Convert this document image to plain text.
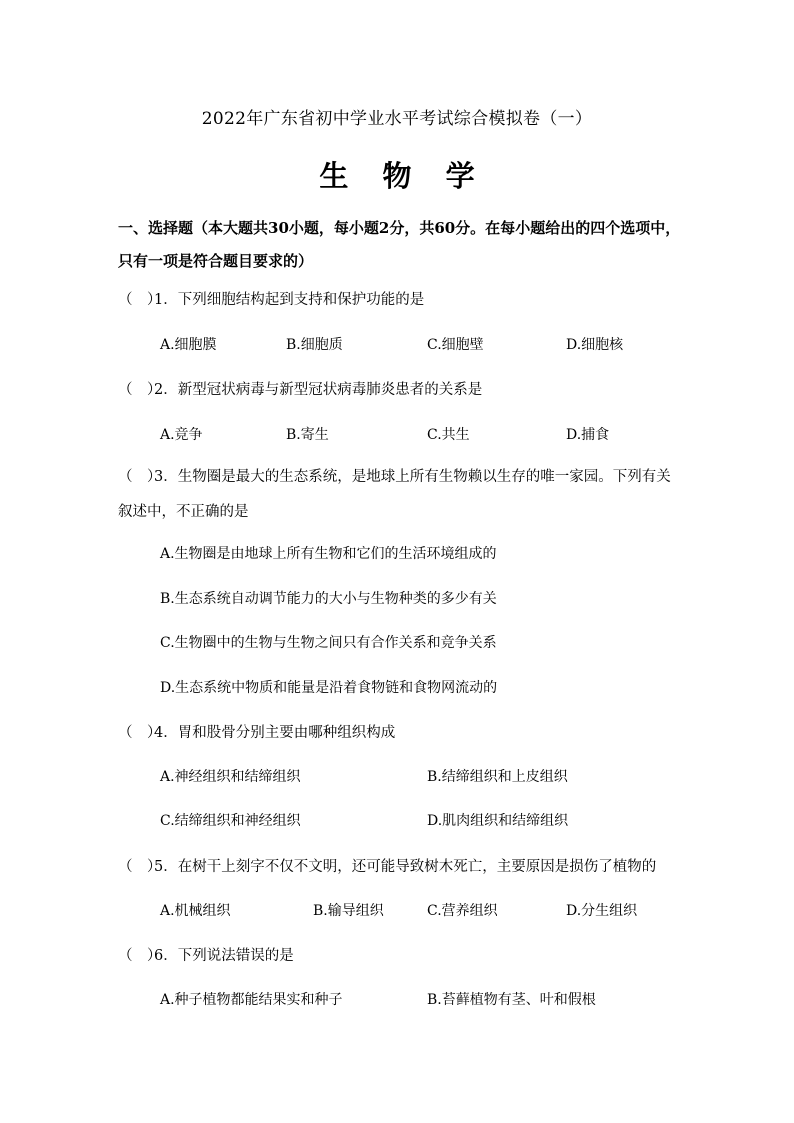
2022年广东省初中学业水平考试综合模拟卷（一）
生 物 学
一、选择题（本大题共30小题，每小题2分，共60分。在每小题给出的四个选项中，只有一项是符合题目要求的）
（　）1．下列细胞结构起到支持和保护功能的是
A.细胞膜	B.细胞质	C.细胞壁	D.细胞核
（　）2．新型冠状病毒与新型冠状病毒肺炎患者的关系是
A.竞争	B.寄生	C.共生	D.捕食
（　）3．生物圈是最大的生态系统，是地球上所有生物赖以生存的唯一家园。下列有关叙述中，不正确的是
A.生物圈是由地球上所有生物和它们的生活环境组成的
B.生态系统自动调节能力的大小与生物种类的多少有关
C.生物圈中的生物与生物之间只有合作关系和竞争关系
D.生态系统中物质和能量是沿着食物链和食物网流动的
（　）4．胃和股骨分别主要由哪种组织构成
A.神经组织和结缔组织	B.结缔组织和上皮组织
C.结缔组织和神经组织	D.肌肉组织和结缔组织
（　）5．在树干上刻字不仅不文明，还可能导致树木死亡，主要原因是损伤了植物的
A.机械组织	B.输导组织	C.营养组织	D.分生组织
（　）6．下列说法错误的是
A.种子植物都能结果实和种子	B.苔藓植物有茎、叶和假根
